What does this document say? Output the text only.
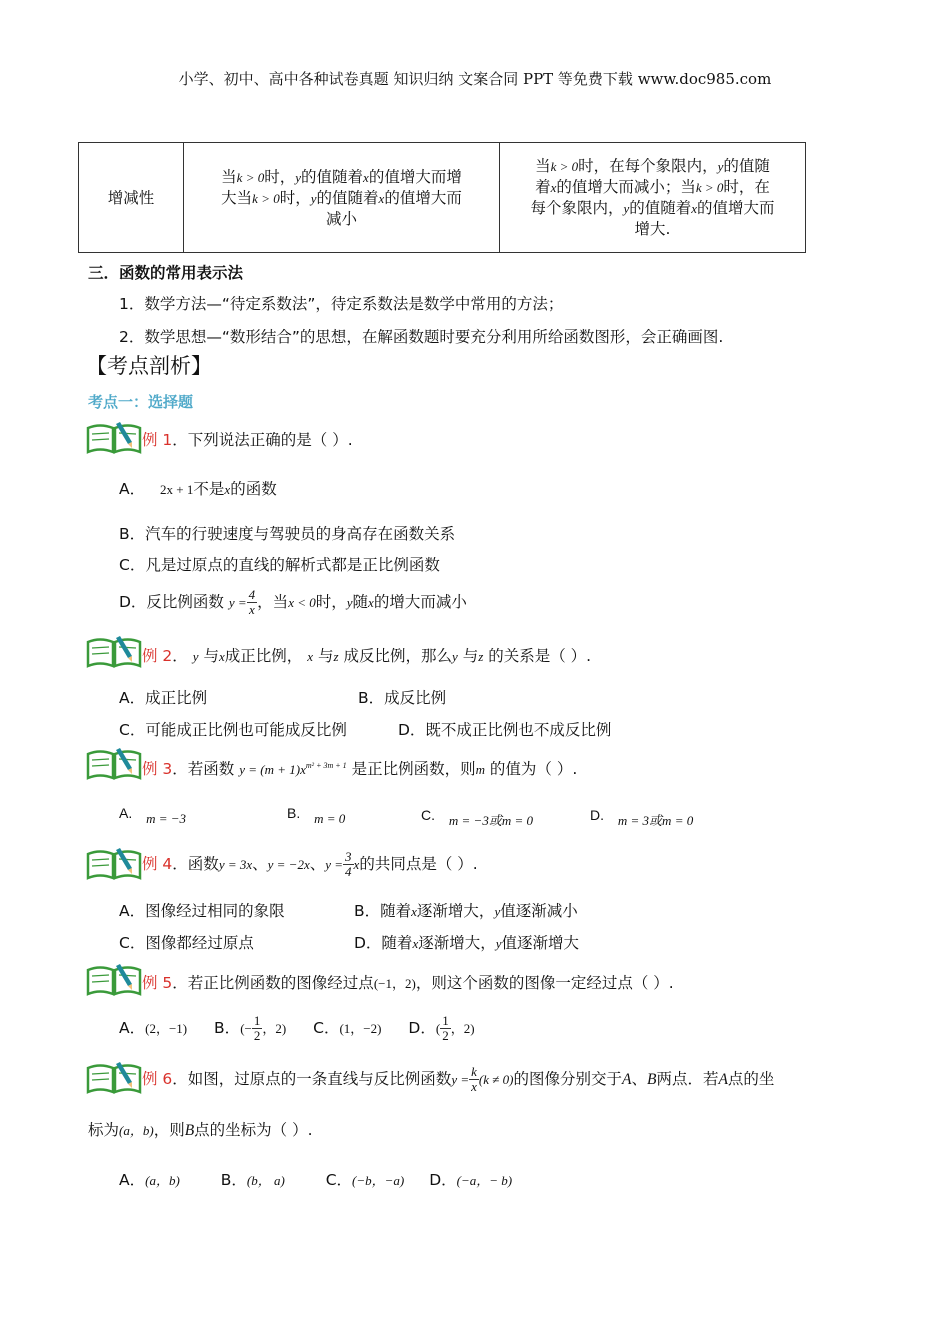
小学、初中、高中各种试卷真题 知识归纳 文案合同 PPT 等免费下载 www.doc985.com
增减性	当k > 0时，y的值随着x的值增大而增
大当k > 0时，y的值随着x的值增大而
减小	当k > 0时，在每个象限内，y的值随
着x的值增大而减小；当k > 0时，在
每个象限内，y的值随着x的值增大而
增大.
三．函数的常用表示法
1．数学方法—“待定系数法”，待定系数法是数学中常用的方法；
2．数学思想—“数形结合”的思想，在解函数题时要充分利用所给函数图形，会正确画图.
【考点剖析】
考点一：选择题
例 1．下列说法正确的是（ ）.
A． 2x + 1不是x的函数
B．汽车的行驶速度与驾驶员的身高存在函数关系
C．凡是过原点的直线的解析式都是正比例函数
D．反比例函数 $y = \frac{4}{x}$ ，当x < 0时，y随x的增大而减小
例 2． y 与x成正比例， x 与z 成反比例，那么y 与z 的关系是（ ）.
A．成正比例	B．成反比例
C．可能成正比例也可能成反比例	D．既不成正比例也不成反比例
例 3．若函数 $y = (m + 1)x^{m^2 + 3m + 1}$ 是正比例函数，则m 的值为（ ）.
A. m = −3	B. m = 0	C. m = −3或m = 0	D. m = 3或m = 0
例 4．函数y = 3x、y = −2x、$y = \frac{3}{4}$ x的共同点是（ ）.
A．图像经过相同的象限	B．随着x逐渐增大，y值逐渐减小
C．图像都经过原点	D．随着x逐渐增大，y值逐渐增大
例 5．若正比例函数的图像经过点(−1，2)，则这个函数的图像一定经过点（ ）.
A．(2，−1) B．(− $\frac{1}{2}$ ，2) C．(1，−2) D．( $\frac{1}{2}$ ，2)
例 6．如图，过原点的一条直线与反比例函数$y = \frac{k}{x} (k \ne 0)$的图像分别交于A、B两点．若A点的坐
标为(a，b)，则B点的坐标为（ ）.
A．(a，b)	B．(b， a)	C．(−b，−a) D．(−a，− b)
